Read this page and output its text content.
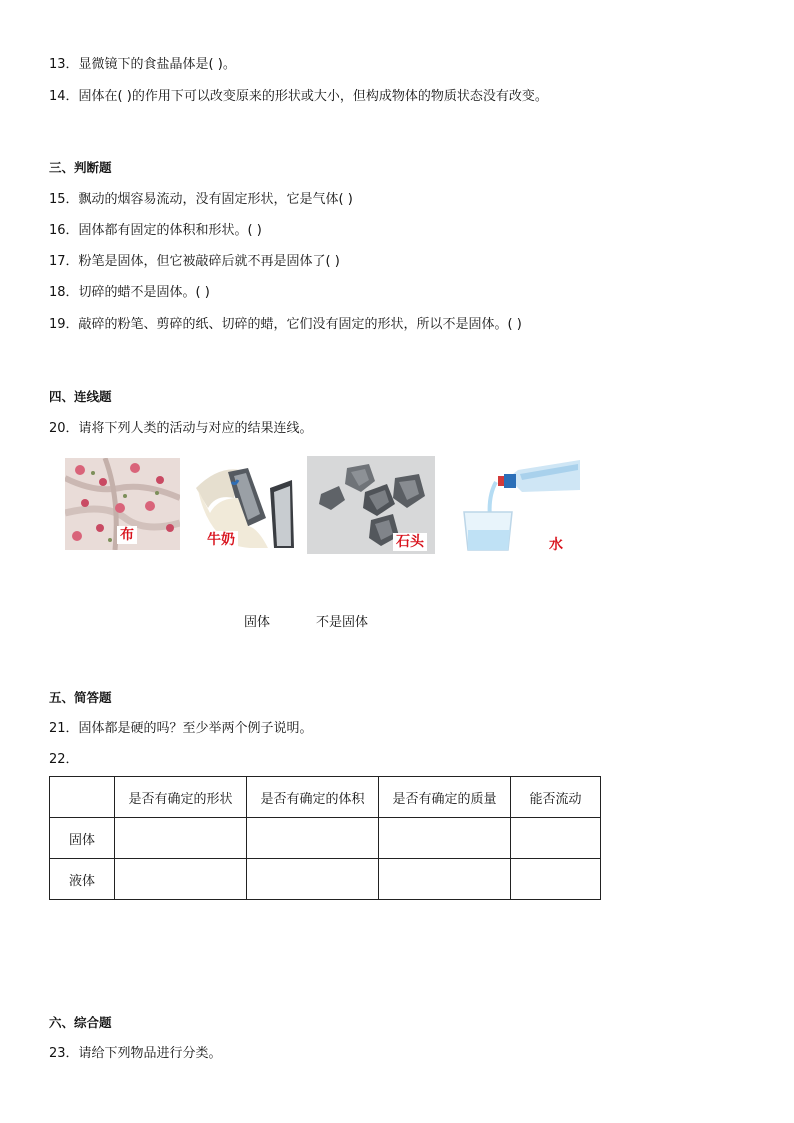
13．显微镜下的食盐晶体是( )。
14．固体在( )的作用下可以改变原来的形状或大小，但构成物体的物质状态没有改变。
三、判断题
15．飘动的烟容易流动，没有固定形状，它是气体( )
16．固体都有固定的体积和形状。( )
17．粉笔是固体，但它被敲碎后就不再是固体了( )
18．切碎的蜡不是固体。( )
19．敲碎的粉笔、剪碎的纸、切碎的蜡，它们没有固定的形状，所以不是固体。( )
四、连线题
20．请将下列人类的活动与对应的结果连线。
布	牛奶	石头	水
固体	不是固体
五、简答题
21．固体都是硬的吗？至少举两个例子说明。
22．
	是否有确定的形状	是否有确定的体积	是否有确定的质量	能否流动
固体				
液体				
六、综合题
23．请给下列物品进行分类。
